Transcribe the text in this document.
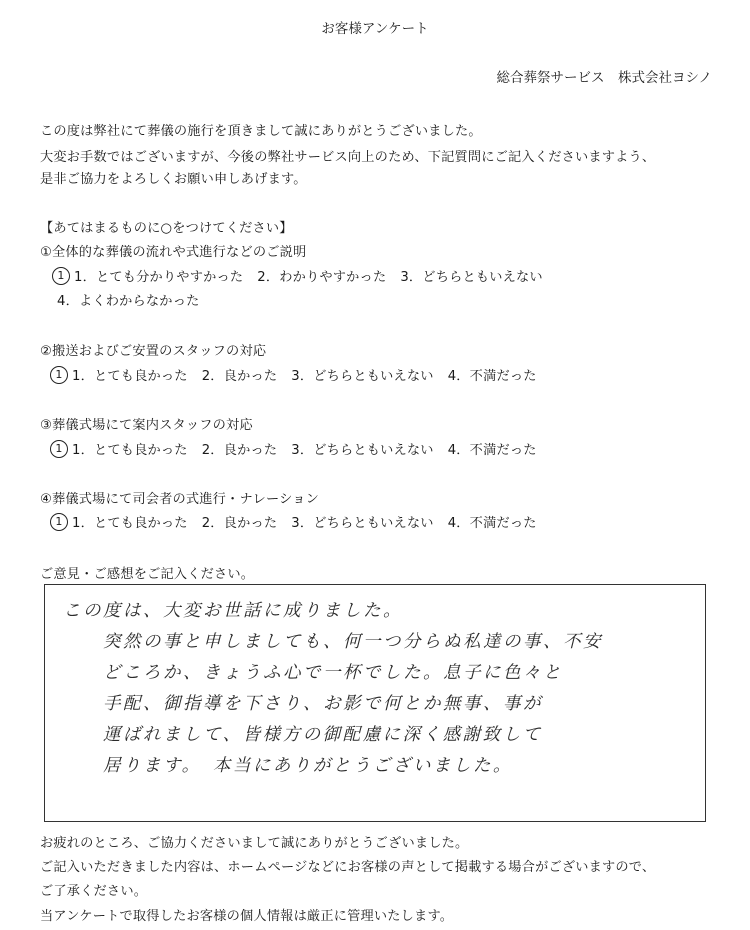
お客様アンケート
総合葬祭サービス　株式会社ヨシノ
この度は弊社にて葬儀の施行を頂きまして誠にありがとうございました。
大変お手数ではございますが、今後の弊社サービス向上のため、下記質問にご記入くださいますよう、
是非ご協力をよろしくお願い申しあげます。
【あてはまるものに○をつけてください】
①全体的な葬儀の流れや式進行などのご説明
1 1．とても分かりやすかった 2．わかりやすかった 3．どちらともいえない
4．よくわからなかった
②搬送およびご安置のスタッフの対応
1 1．とても良かった 2．良かった 3．どちらともいえない 4．不満だった
③葬儀式場にて案内スタッフの対応
1 1．とても良かった 2．良かった 3．どちらともいえない 4．不満だった
④葬儀式場にて司会者の式進行・ナレーション
1 1．とても良かった 2．良かった 3．どちらともいえない 4．不満だった
ご意見・ご感想をご記入ください。
この度は、大変お世話に成りました。
突然の事と申しましても、何一つ分らぬ私達の事、不安
どころか、きょうふ心で一杯でした。息子に色々と
手配、御指導を下さり、お影で何とか無事、事が
運ばれまして、皆様方の御配慮に深く感謝致して
居ります。　本当にありがとうございました。
お疲れのところ、ご協力くださいまして誠にありがとうございました。
ご記入いただきました内容は、ホームページなどにお客様の声として掲載する場合がございますので、
ご了承ください。
当アンケートで取得したお客様の個人情報は厳正に管理いたします。
